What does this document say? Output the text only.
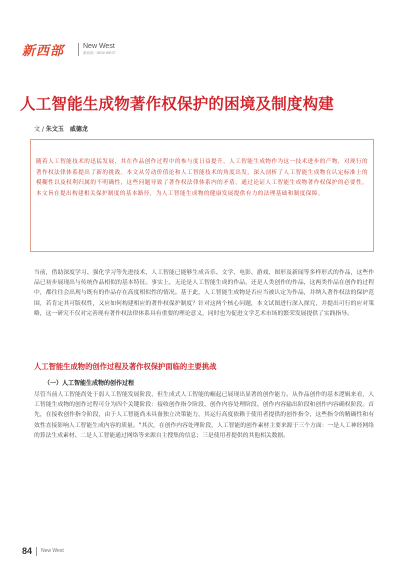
新西部	New West
新西部 · NEW WEST
人工智能生成物著作权保护的困境及制度构建
文 / 朱文玉　威德龙
随着人工智能技术的迅猛发展，其在作品创作过程中的参与度日益提升，人工智能生成物作为这一技术进步的产物，对现行的著作权法律体系提出了新的挑战。本文从劳动价值论和人工智能技术的角度出发，深入剖析了人工智能生成物在认定标准上的模糊性以及权利归属的不明确性，这些问题导致了著作权法律体系内的矛盾。通过论证人工智能生成物著作权保护的必要性，本文旨在提出构建相关保护制度的基本路径，为人工智能生成物的健康发展提供有力的法理基础和制度保障。
当前，借助深度学习、强化学习等先进技术，人工智能已能够生成音乐、文学、电影、游戏、图形及新闻等多样形式的作品，这些作品已初步展现出与传统作品相似的基本特征。事实上，无论是人工智能生成的作品，还是人类创作的作品，这两类作品在创作的过程中，都往往会出现与既有的作品存在高度相似性的情况。基于此，人工智能生成物是否应当被认定为作品，并纳入著作权法的保护范围，若肯定其可版权性，又应如何构建相应的著作权保护制度？针对这两个核心问题，本文试图进行深入探究，并提出可行的应对策略，这一研究不仅对完善现有著作权法律体系具有重要的理论意义，同时也为促进文学艺术市场的繁荣发展提供了实践指导。
人工智能生成物的创作过程及著作权保护面临的主要挑战
（一）人工智能生成物的创作过程
尽管当前人工智能尚处于弱人工智能发展阶段，但生成式人工智能的崛起已展现出显著的创作能力。从作品创作的基本逻辑来看，人工智能生成物的创作过程可分为四个关键阶段：接收创作指令阶段、创作内容处理阶段、创作内容输出阶段和创作内容确权阶段。首先，在接收创作指令阶段，由于人工智能尚未具备独立决策能力，其运行高度依赖于使用者提供的创作指令，这些指令的精确性和有效性直接影响人工智能生成内容的质量。"其次，在创作内容处理阶段，人工智能的创作素材主要来源于三个方面：一是人工神经网络的算法生成素材、二是人工智能通过网络等来源自主搜集的信息；三是使用者提供的其他相关数据。
84 New West
